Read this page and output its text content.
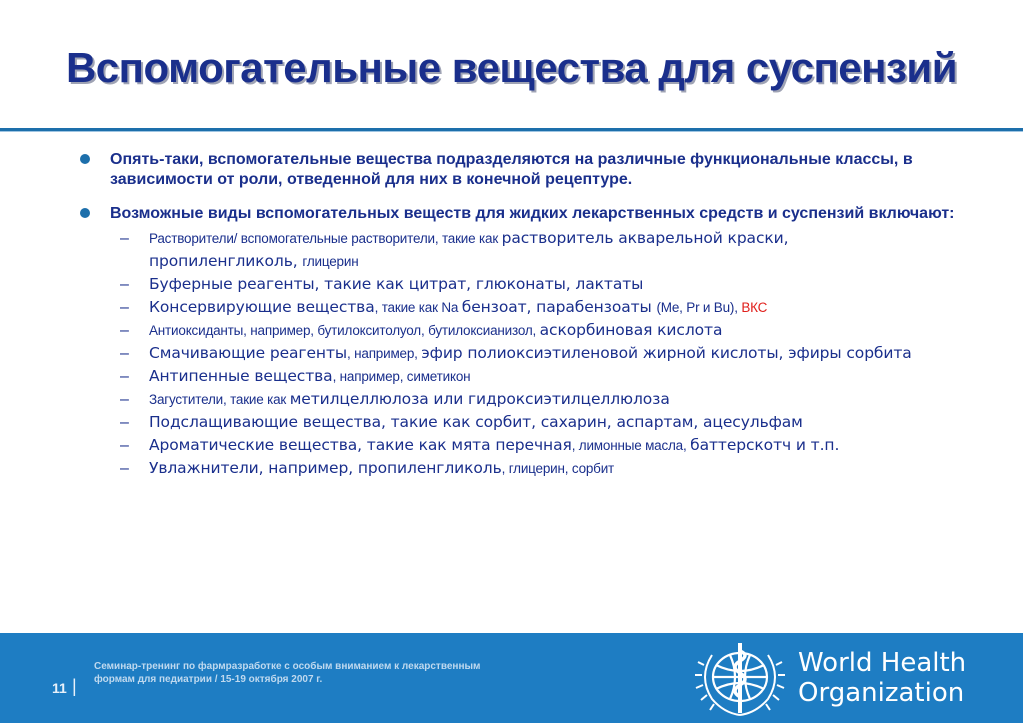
Вспомогательные вещества для суспензий
Опять-таки, вспомогательные вещества подразделяются на различные функциональные классы, в зависимости от роли, отведенной для них в конечной рецептуре.
Возможные виды вспомогательных веществ для жидких лекарственных средств и суспензий включают:
– Растворители/ вспомогательные растворители, такие как растворитель акварельной краски, пропиленгликоль, глицерин
– Буферные реагенты, такие как цитрат, глюконаты, лактаты
– Консервирующие вещества, такие как Na бензоат, парабензоаты (Me, Pr и Bu), ВКС
– Антиоксиданты, например, бутилокситолуол, бутилоксианизол, аскорбиновая кислота
– Смачивающие реагенты, например, эфир полиоксиэтиленовой жирной кислоты, эфиры сорбита
– Антипенные вещества, например, симетикон
– Загустители, такие как метилцеллюлоза или гидроксиэтилцеллюлоза
– Подслащивающие вещества, такие как сорбит, сахарин, аспартам, ацесульфам
– Ароматические вещества, такие как мята перечная, лимонные масла, баттерскотч и т.п.
– Увлажнители, например, пропиленгликоль, глицерин, сорбит
11 |
Семинар-тренинг по фармразработке с особым вниманием к лекарственным формам для педиатрии / 15-19 октября 2007 г.
World Health
Organization
